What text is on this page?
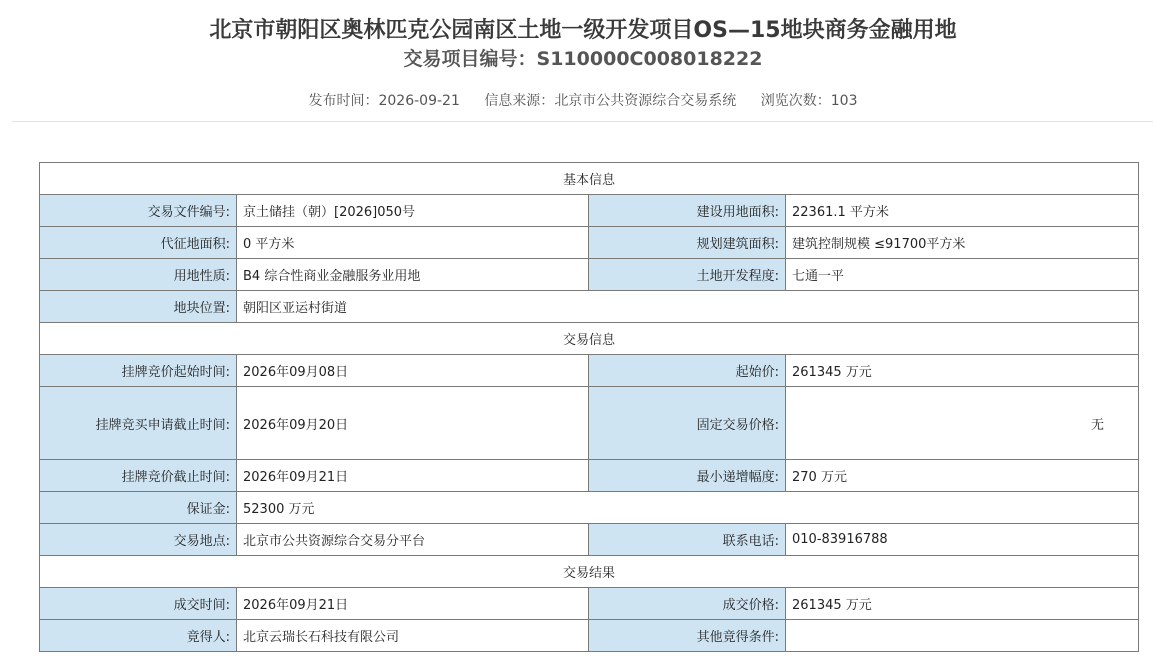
北京市朝阳区奥林匹克公园南区土地一级开发项目OS—15地块商务金融用地
交易项目编号：S110000C008018222
发布时间：2026-09-21 信息来源：北京市公共资源综合交易系统 浏览次数：103
基本信息			
交易文件编号:	京土储挂（朝）[2026]050号	建设用地面积:	22361.1 平方米
代征地面积:	0 平方米	规划建筑面积:	建筑控制规模 ≤91700平方米
用地性质:	B4 综合性商业金融服务业用地	土地开发程度:	七通一平
地块位置:	朝阳区亚运村街道		
交易信息			
挂牌竞价起始时间:	2026年09月08日	起始价:	261345 万元
挂牌竞买申请截止时间:	2026年09月20日	固定交易价格:	无
挂牌竞价截止时间:	2026年09月21日	最小递增幅度:	270 万元
保证金:	52300 万元		
交易地点:	北京市公共资源综合交易分平台	联系电话:	010-83916788
交易结果			
成交时间:	2026年09月21日	成交价格:	261345 万元
竟得人:	北京云瑞长石科技有限公司	其他竟得条件:	
